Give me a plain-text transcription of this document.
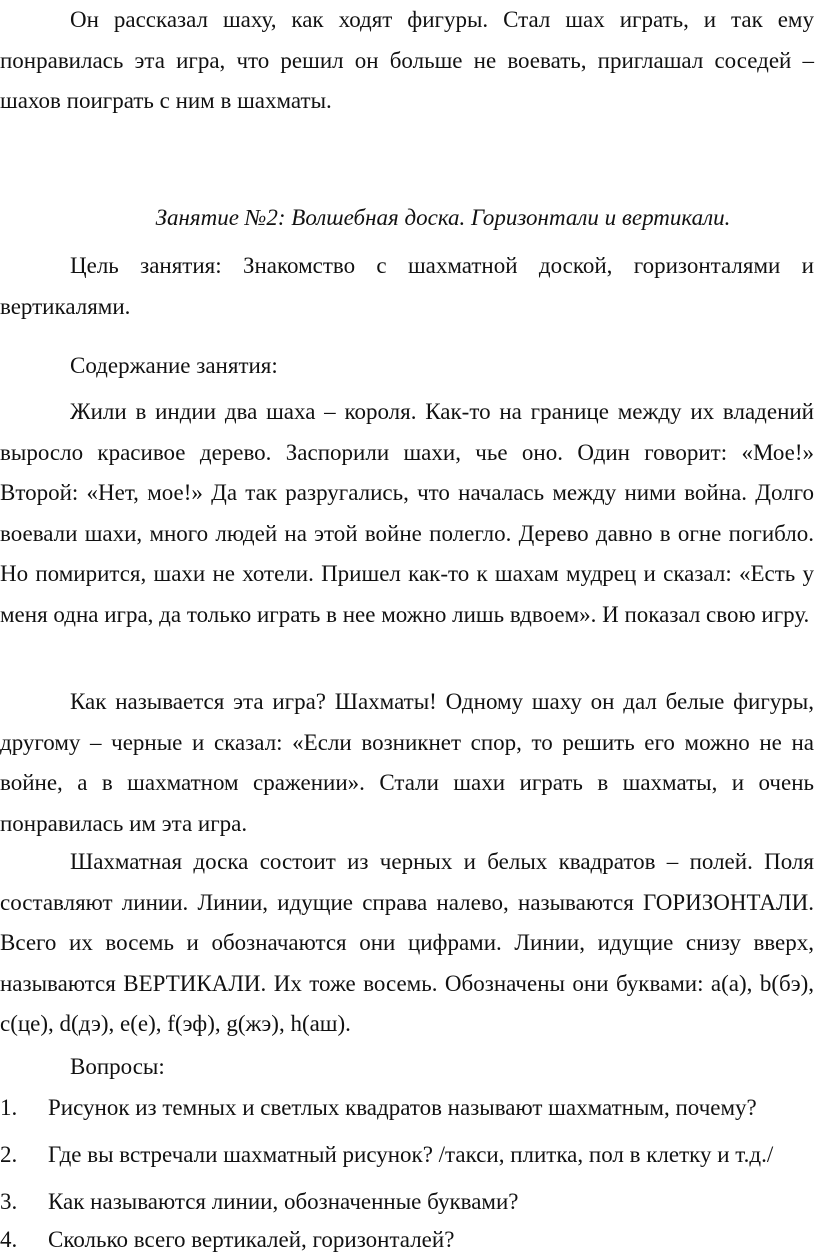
Он рассказал шаху, как ходят фигуры. Стал шах играть, и так ему понравилась эта игра, что решил он больше не воевать, приглашал соседей – шахов поиграть с ним в шахматы.

Занятие №2: Волшебная доска. Горизонтали и вертикали.

Цель занятия: Знакомство с шахматной доской, горизонталями и вертикалями.

Содержание занятия:

Жили в индии два шаха – короля. Как-то на границе между их владений выросло красивое дерево. Заспорили шахи, чье оно. Один говорит: «Мое!» Второй: «Нет, мое!» Да так разругались, что началась между ними война. Долго воевали шахи, много людей на этой войне полегло. Дерево давно в огне погибло. Но помирится, шахи не хотели. Пришел как-то к шахам мудрец и сказал: «Есть у меня одна игра, да только играть в нее можно лишь вдвоем». И показал свою игру.

Как называется эта игра? Шахматы! Одному шаху он дал белые фигуры, другому – черные и сказал: «Если возникнет спор, то решить его можно не на войне, а в шахматном сражении». Стали шахи играть в шахматы, и очень понравилась им эта игра.

Шахматная доска состоит из черных и белых квадратов – полей. Поля составляют линии. Линии, идущие справа налево, называются ГОРИЗОНТАЛИ. Всего их восемь и обозначаются они цифрами. Линии, идущие снизу вверх, называются ВЕРТИКАЛИ. Их тоже восемь. Обозначены они буквами: a(а), b(бэ), c(це), d(дэ), e(е), f(эф), g(жэ), h(аш).

Вопросы:
1. Рисунок из темных и светлых квадратов называют шахматным, почему?
2. Где вы встречали шахматный рисунок? /такси, плитка, пол в клетку и т.д./
3. Как называются линии, обозначенные буквами?
4. Сколько всего вертикалей, горизонталей?
